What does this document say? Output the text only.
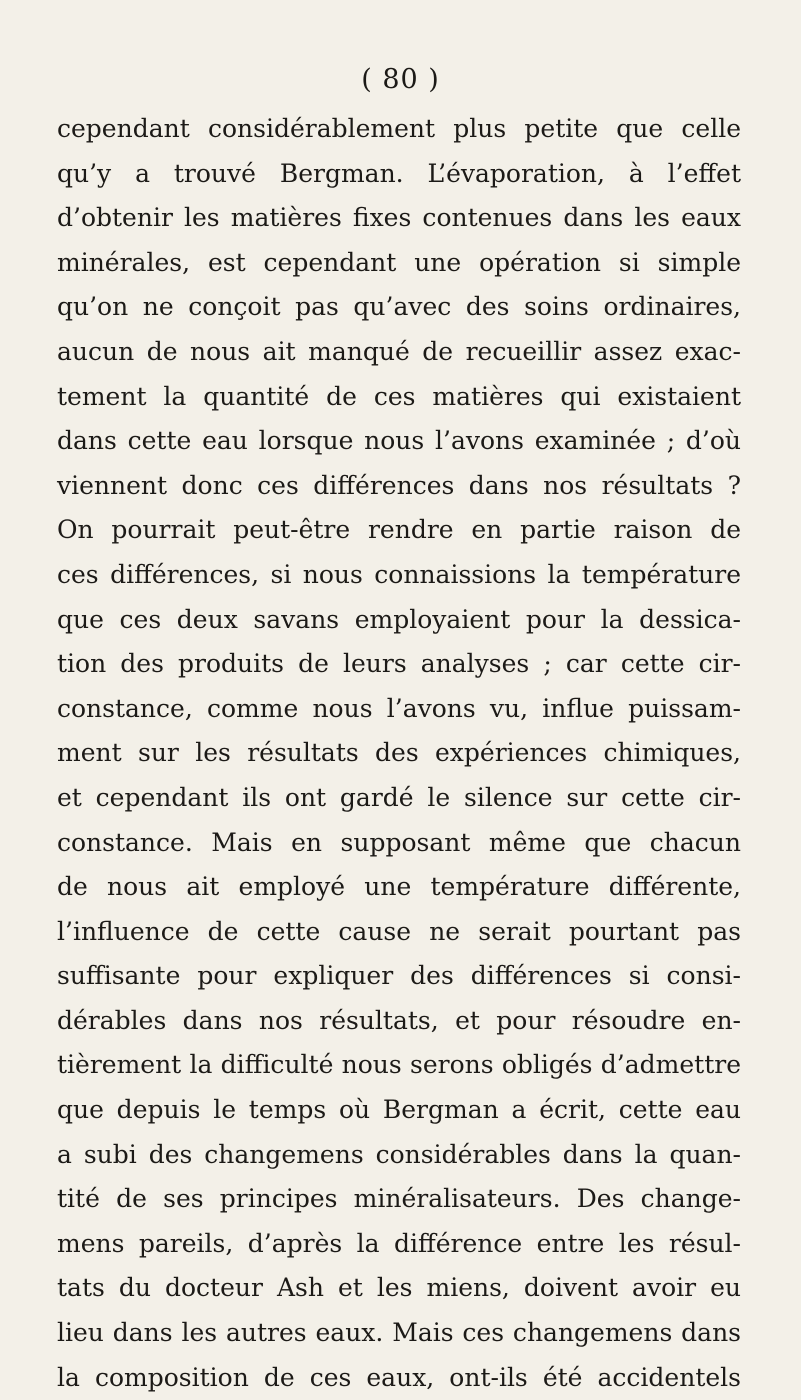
( 80 )
cependant considérablement plus petite que celle
qu’y a trouvé Bergman. L’évaporation, à l’effet
d’obtenir les matières fixes contenues dans les eaux
minérales, est cependant une opération si simple
qu’on ne conçoit pas qu’avec des soins ordinaires,
aucun de nous ait manqué de recueillir assez exac-
tement la quantité de ces matières qui existaient
dans cette eau lorsque nous l’avons examinée ; d’où
viennent donc ces différences dans nos résultats ?
On pourrait peut-être rendre en partie raison de
ces différences, si nous connaissions la température
que ces deux savans employaient pour la dessica-
tion des produits de leurs analyses ; car cette cir-
constance, comme nous l’avons vu, influe puissam-
ment sur les résultats des expériences chimiques,
et cependant ils ont gardé le silence sur cette cir-
constance. Mais en supposant même que chacun
de nous ait employé une température différente,
l’influence de cette cause ne serait pourtant pas
suffisante pour expliquer des différences si consi-
dérables dans nos résultats, et pour résoudre en-
tièrement la difficulté nous serons obligés d’admettre
que depuis le temps où Bergman a écrit, cette eau
a subi des changemens considérables dans la quan-
tité de ses principes minéralisateurs. Des change-
mens pareils, d’après la différence entre les résul-
tats du docteur Ash et les miens, doivent avoir eu
lieu dans les autres eaux. Mais ces changemens dans
la composition de ces eaux, ont-ils été accidentels
